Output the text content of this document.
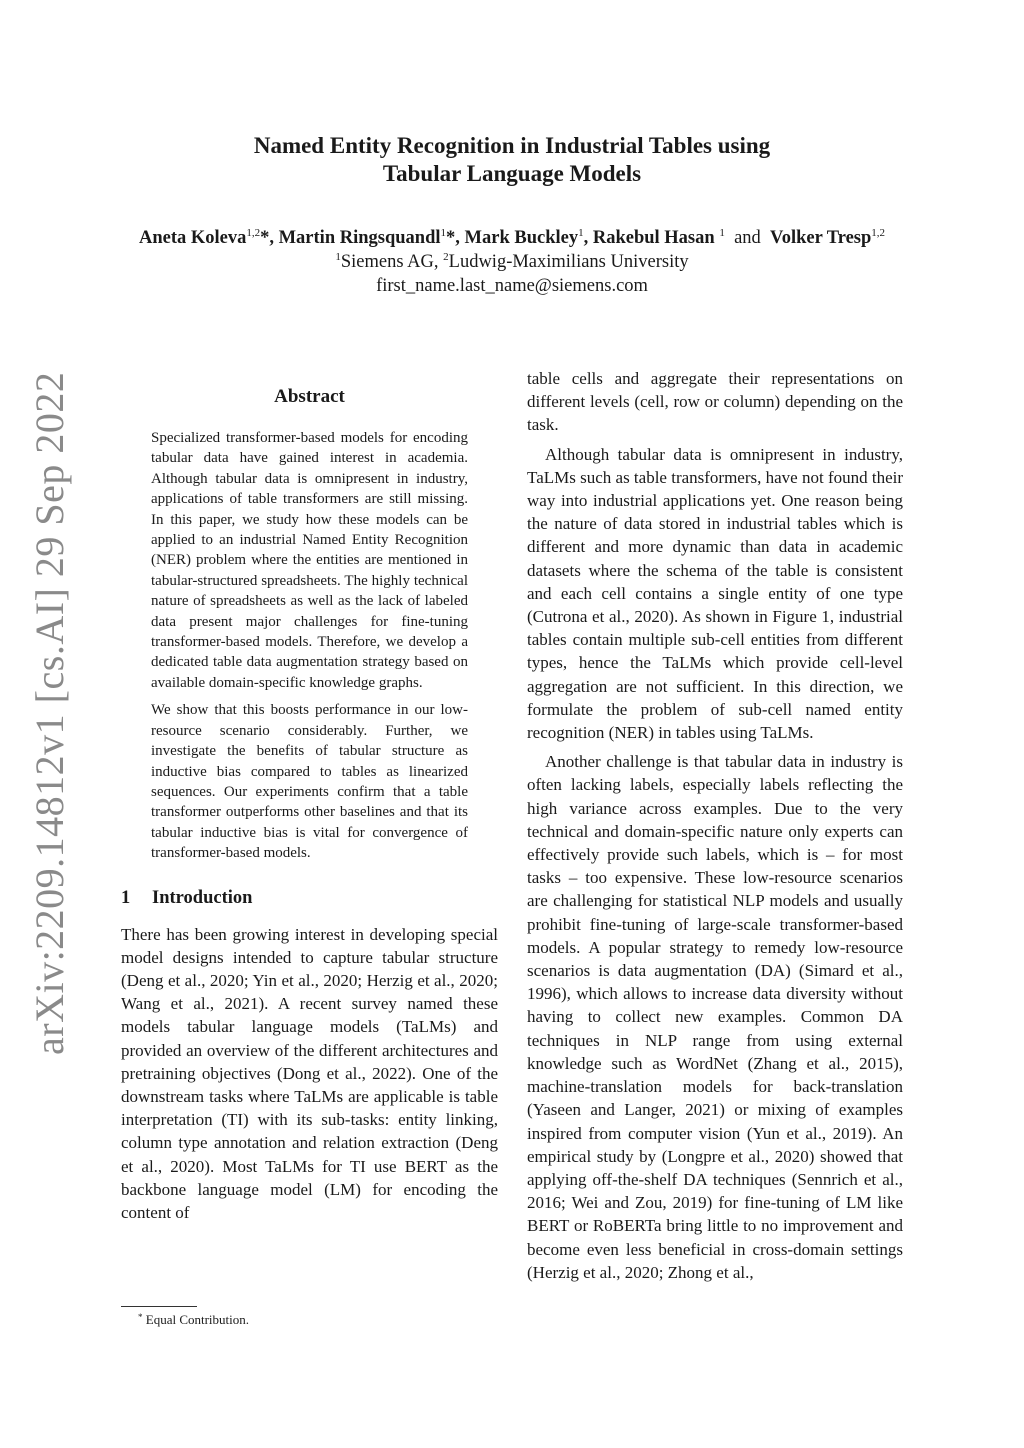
arXiv:2209.14812v1 [cs.AI] 29 Sep 2022
Named Entity Recognition in Industrial Tables using
Tabular Language Models
Aneta Koleva$^{1,2}$*, Martin Ringsquandl$^1$*, Mark Buckley$^1$, Rakebul Hasan $^1$ and Volker Tresp$^{1,2}$
$^1$Siemens AG, $^2$Ludwig-Maximilians University
first_name.last_name@siemens.com
Abstract

Specialized transformer-based models for encoding tabular data have gained interest in academia. Although tabular data is omnipresent in industry, applications of table transformers are still missing. In this paper, we study how these models can be applied to an industrial Named Entity Recognition (NER) problem where the entities are mentioned in tabular-structured spreadsheets. The highly technical nature of spreadsheets as well as the lack of labeled data present major challenges for fine-tuning transformer-based models. Therefore, we develop a dedicated table data augmentation strategy based on available domain-specific knowledge graphs.

We show that this boosts performance in our low-resource scenario considerably. Further, we investigate the benefits of tabular structure as inductive bias compared to tables as linearized sequences. Our experiments confirm that a table transformer outperforms other baselines and that its tabular inductive bias is vital for convergence of transformer-based models.

1 Introduction

There has been growing interest in developing special model designs intended to capture tabular structure (Deng et al., 2020; Yin et al., 2020; Herzig et al., 2020; Wang et al., 2021). A recent survey named these models tabular language models (TaLMs) and provided an overview of the different architectures and pretraining objectives (Dong et al., 2022). One of the downstream tasks where TaLMs are applicable is table interpretation (TI) with its sub-tasks: entity linking, column type annotation and relation extraction (Deng et al., 2020). Most TaLMs for TI use BERT as the backbone language model (LM) for encoding the content of

table cells and aggregate their representations on different levels (cell, row or column) depending on the task.

Although tabular data is omnipresent in industry, TaLMs such as table transformers, have not found their way into industrial applications yet. One reason being the nature of data stored in industrial tables which is different and more dynamic than data in academic datasets where the schema of the table is consistent and each cell contains a single entity of one type (Cutrona et al., 2020). As shown in Figure 1, industrial tables contain multiple sub-cell entities from different types, hence the TaLMs which provide cell-level aggregation are not sufficient. In this direction, we formulate the problem of sub-cell named entity recognition (NER) in tables using TaLMs.

Another challenge is that tabular data in industry is often lacking labels, especially labels reflecting the high variance across examples. Due to the very technical and domain-specific nature only experts can effectively provide such labels, which is – for most tasks – too expensive. These low-resource scenarios are challenging for statistical NLP models and usually prohibit fine-tuning of large-scale transformer-based models. A popular strategy to remedy low-resource scenarios is data augmentation (DA) (Simard et al., 1996), which allows to increase data diversity without having to collect new examples. Common DA techniques in NLP range from using external knowledge such as WordNet (Zhang et al., 2015), machine-translation models for back-translation (Yaseen and Langer, 2021) or mixing of examples inspired from computer vision (Yun et al., 2019). An empirical study by (Longpre et al., 2020) showed that applying off-the-shelf DA techniques (Sennrich et al., 2016; Wei and Zou, 2019) for fine-tuning of LM like BERT or RoBERTa bring little to no improvement and become even less beneficial in cross-domain settings (Herzig et al., 2020; Zhong et al.,

* Equal Contribution.
